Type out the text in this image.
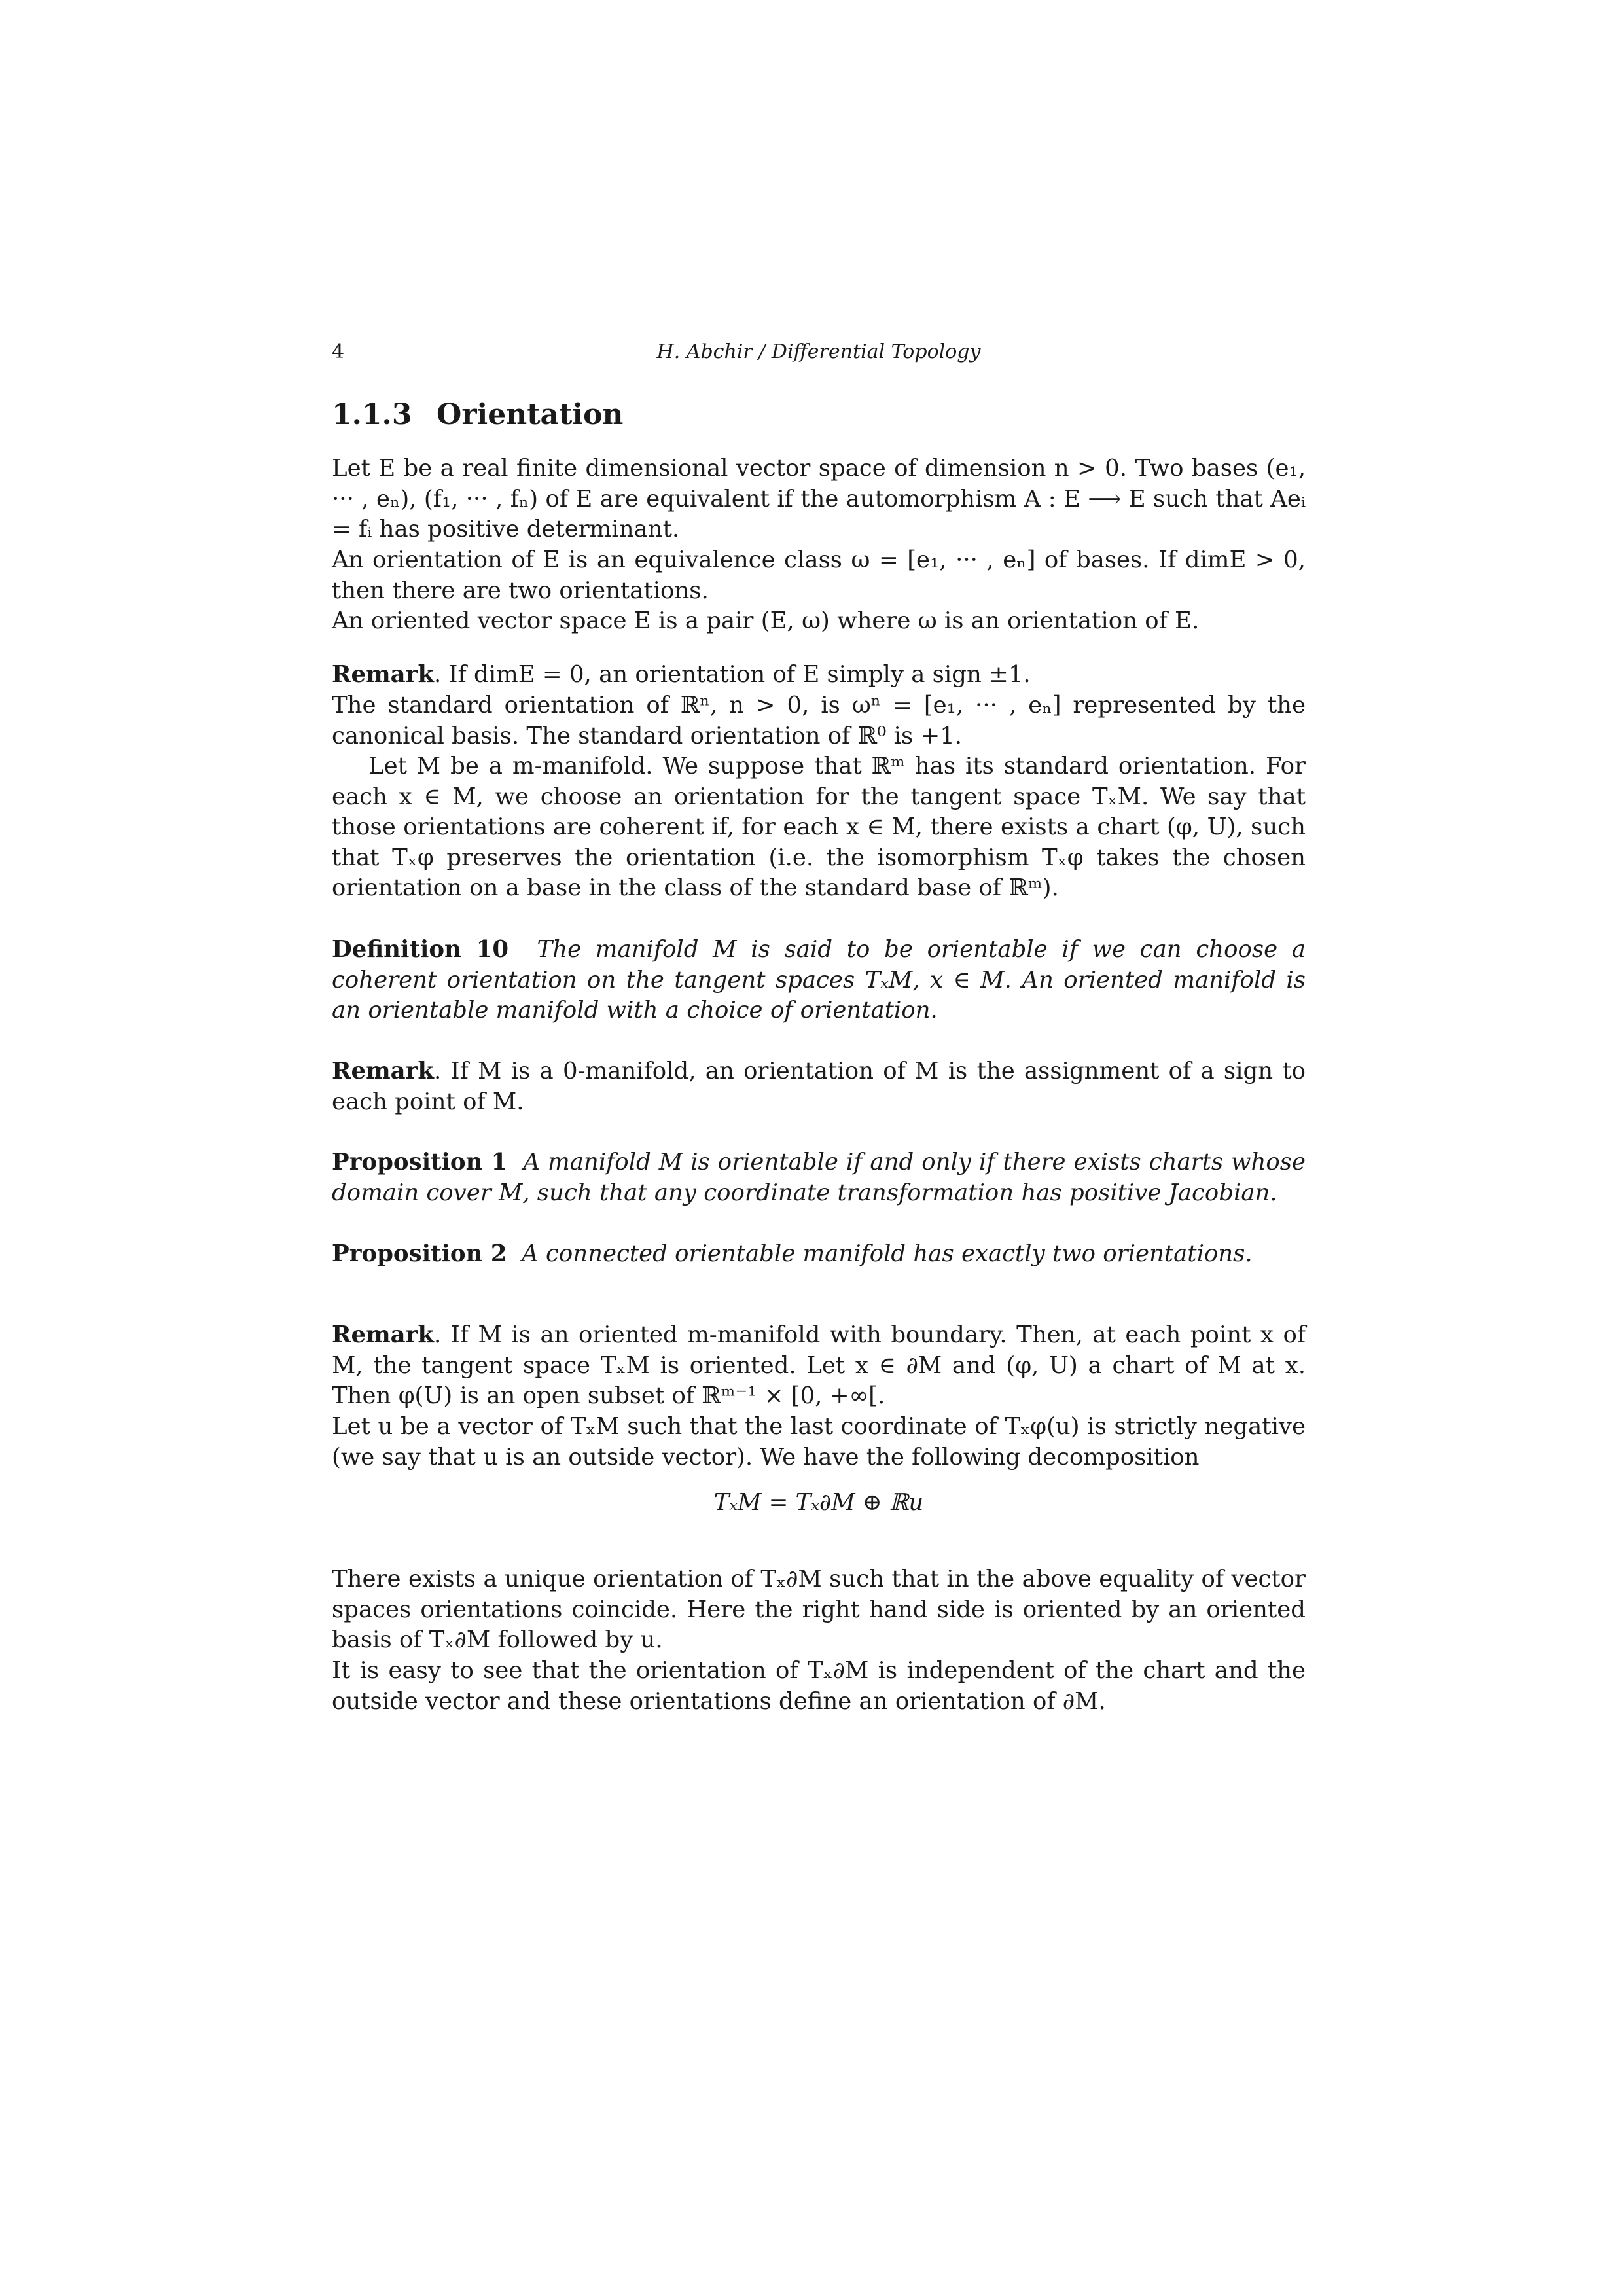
4	H. Abchir / Differential Topology
1.1.3 Orientation

Let E be a real finite dimensional vector space of dimension n > 0. Two bases (e₁, ··· , eₙ), (f₁, ··· , fₙ) of E are equivalent if the automorphism A : E ⟶ E such that Aeᵢ = fᵢ has positive determinant.

An orientation of E is an equivalence class ω = [e₁, ··· , eₙ] of bases. If dimE > 0, then there are two orientations.

An oriented vector space E is a pair (E, ω) where ω is an orientation of E.

Remark. If dimE = 0, an orientation of E simply a sign ±1.

The standard orientation of ℝⁿ, n > 0, is ωⁿ = [e₁, ··· , eₙ] represented by the canonical basis. The standard orientation of ℝ⁰ is +1.

Let M be a m-manifold. We suppose that ℝᵐ has its standard orientation. For each x ∈ M, we choose an orientation for the tangent space TₓM. We say that those orientations are coherent if, for each x ∈ M, there exists a chart (φ, U), such that Tₓφ preserves the orientation (i.e. the isomorphism Tₓφ takes the chosen orientation on a base in the class of the standard base of ℝᵐ).

Definition 10 The manifold M is said to be orientable if we can choose a coherent orientation on the tangent spaces TₓM, x ∈ M. An oriented manifold is an orientable manifold with a choice of orientation.

Remark. If M is a 0-manifold, an orientation of M is the assignment of a sign to each point of M.

Proposition 1 A manifold M is orientable if and only if there exists charts whose domain cover M, such that any coordinate transformation has positive Jacobian.

Proposition 2 A connected orientable manifold has exactly two orientations.

Remark. If M is an oriented m-manifold with boundary. Then, at each point x of M, the tangent space TₓM is oriented. Let x ∈ ∂M and (φ, U) a chart of M at x. Then φ(U) is an open subset of ℝᵐ⁻¹ × [0, +∞[.

Let u be a vector of TₓM such that the last coordinate of Tₓφ(u) is strictly negative (we say that u is an outside vector). We have the following decomposition

TₓM = Tₓ∂M ⊕ ℝu

There exists a unique orientation of Tₓ∂M such that in the above equality of vector spaces orientations coincide. Here the right hand side is oriented by an oriented basis of Tₓ∂M followed by u.

It is easy to see that the orientation of Tₓ∂M is independent of the chart and the outside vector and these orientations define an orientation of ∂M.
